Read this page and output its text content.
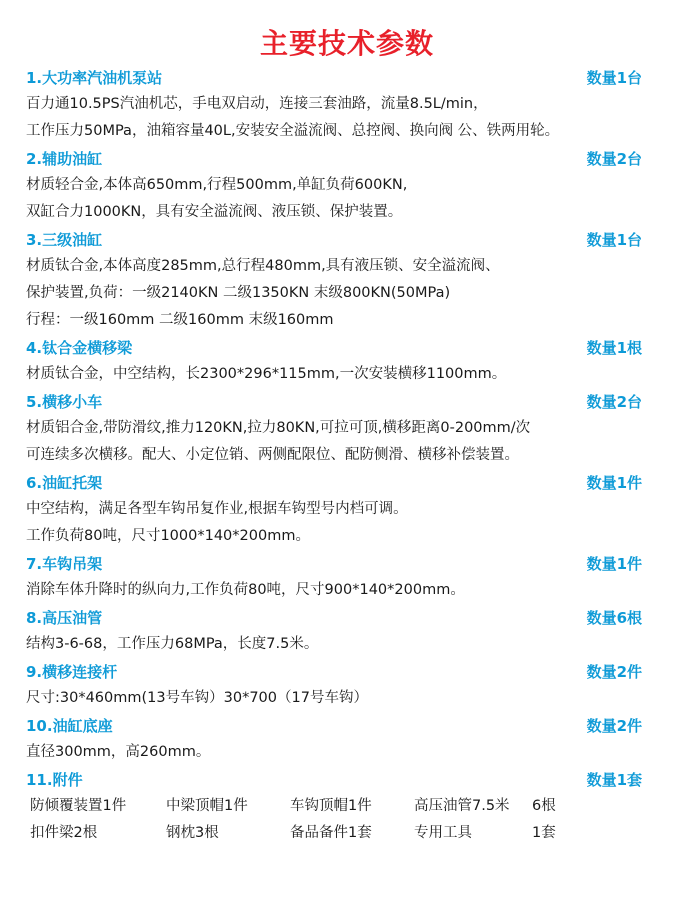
主要技术参数
1.大功率汽油机泵站	数量1台
百力通10.5PS汽油机芯，手电双启动，连接三套油路，流量8.5L/min，
工作压力50MPa，油箱容量40L,安装安全溢流阀、总控阀、换向阀 公、铁两用轮。
2.辅助油缸	数量2台
材质轻合金,本体高650mm,行程500mm,单缸负荷600KN,
双缸合力1000KN，具有安全溢流阀、液压锁、保护装置。
3.三级油缸	数量1台
材质钛合金,本体高度285mm,总行程480mm,具有液压锁、安全溢流阀、
保护装置,负荷：一级2140KN 二级1350KN 末级800KN(50MPa)
行程：一级160mm 二级160mm 末级160mm
4.钛合金横移梁	数量1根
材质钛合金，中空结构，长2300*296*115mm,一次安装横移1100mm。
5.横移小车	数量2台
材质铝合金,带防滑纹,推力120KN,拉力80KN,可拉可顶,横移距离0-200mm/次
可连续多次横移。配大、小定位销、两侧配限位、配防侧滑、横移补偿装置。
6.油缸托架	数量1件
中空结构，满足各型车钩吊复作业,根据车钩型号内档可调。
工作负荷80吨，尺寸1000*140*200mm。
7.车钩吊架	数量1件
消除车体升降时的纵向力,工作负荷80吨，尺寸900*140*200mm。
8.高压油管	数量6根
结构3-6-68，工作压力68MPa，长度7.5米。
9.横移连接杆	数量2件
尺寸:30*460mm(13号车钩）30*700（17号车钩）
10.油缸底座	数量2件
直径300mm，高260mm。
11.附件	数量1套
防倾覆装置1件	中梁顶帽1件	车钩顶帽1件	高压油管7.5米	6根
扣件梁2根	钢枕3根	备品备件1套	专用工具	1套
